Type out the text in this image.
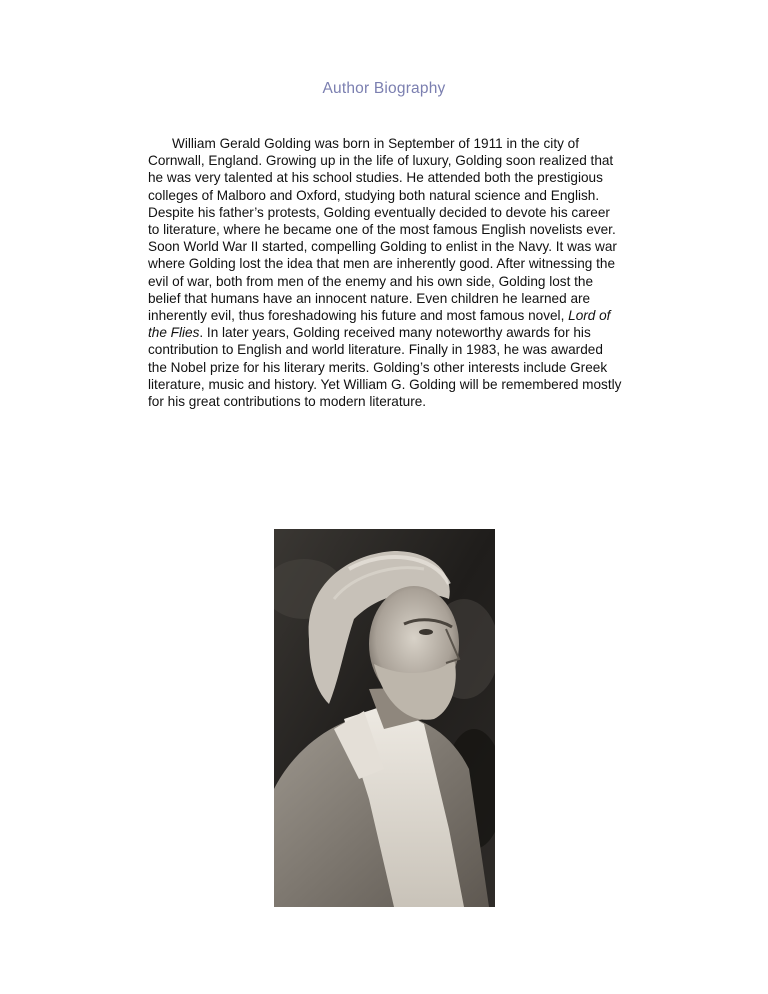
Author Biography

William Gerald Golding was born in September of 1911 in the city of Cornwall, England. Growing up in the life of luxury, Golding soon realized that he was very talented at his school studies. He attended both the prestigious colleges of Malboro and Oxford, studying both natural science and English. Despite his father’s protests, Golding eventually decided to devote his career to literature, where he became one of the most famous English novelists ever. Soon World War II started, compelling Golding to enlist in the Navy. It was war where Golding lost the idea that men are inherently good. After witnessing the evil of war, both from men of the enemy and his own side, Golding lost the belief that humans have an innocent nature. Even children he learned are inherently evil, thus foreshadowing his future and most famous novel, Lord of the Flies. In later years, Golding received many noteworthy awards for his contribution to English and world literature. Finally in 1983, he was awarded the Nobel prize for his literary merits. Golding’s other interests include Greek literature, music and history. Yet William G. Golding will be remembered mostly for his great contributions to modern literature.
